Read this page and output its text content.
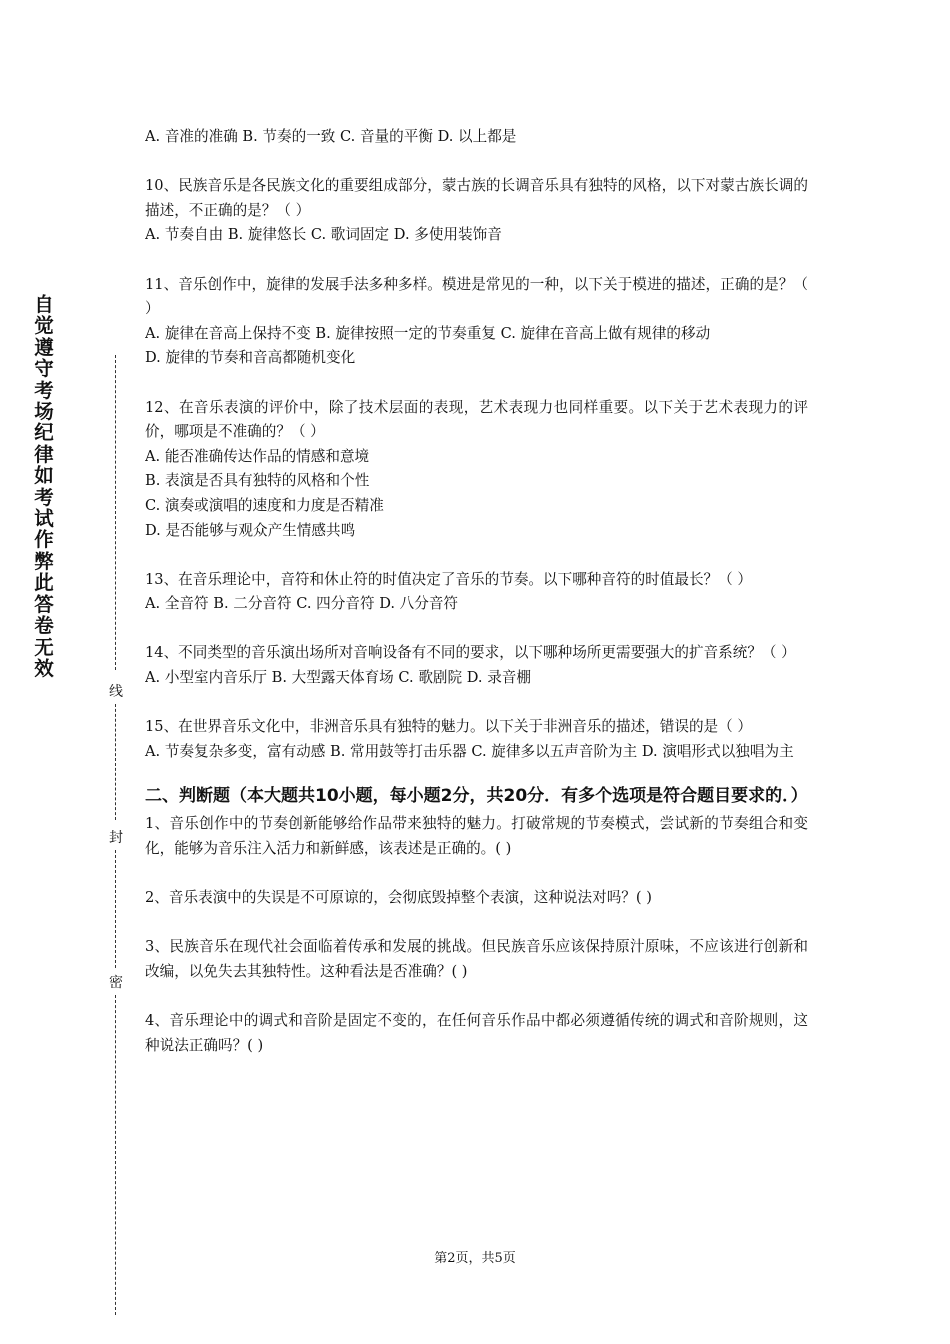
自觉遵守考场纪律如考试作弊此答卷无效
线
封
密
A. 音准的准确 B. 节奏的一致 C. 音量的平衡 D. 以上都是
10、民族音乐是各民族文化的重要组成部分，蒙古族的长调音乐具有独特的风格，以下对蒙古族长调的描述，不正确的是？（ ）
A. 节奏自由 B. 旋律悠长 C. 歌词固定 D. 多使用装饰音
11、音乐创作中，旋律的发展手法多种多样。模进是常见的一种，以下关于模进的描述，正确的是？（ ）
A. 旋律在音高上保持不变 B. 旋律按照一定的节奏重复 C. 旋律在音高上做有规律的移动
D. 旋律的节奏和音高都随机变化
12、在音乐表演的评价中，除了技术层面的表现，艺术表现力也同样重要。以下关于艺术表现力的评价，哪项是不准确的？（ ）
A. 能否准确传达作品的情感和意境
B. 表演是否具有独特的风格和个性
C. 演奏或演唱的速度和力度是否精准
D. 是否能够与观众产生情感共鸣
13、在音乐理论中，音符和休止符的时值决定了音乐的节奏。以下哪种音符的时值最长？（ ）
A. 全音符 B. 二分音符 C. 四分音符 D. 八分音符
14、不同类型的音乐演出场所对音响设备有不同的要求，以下哪种场所更需要强大的扩音系统？（ ）
A. 小型室内音乐厅 B. 大型露天体育场 C. 歌剧院 D. 录音棚
15、在世界音乐文化中，非洲音乐具有独特的魅力。以下关于非洲音乐的描述，错误的是（ ）
A. 节奏复杂多变，富有动感 B. 常用鼓等打击乐器 C. 旋律多以五声音阶为主 D. 演唱形式以独唱为主
二、判断题（本大题共10小题，每小题2分，共20分．有多个选项是符合题目要求的．）
1、音乐创作中的节奏创新能够给作品带来独特的魅力。打破常规的节奏模式，尝试新的节奏组合和变化，能够为音乐注入活力和新鲜感，该表述是正确的。( )
2、音乐表演中的失误是不可原谅的，会彻底毁掉整个表演，这种说法对吗？( )
3、民族音乐在现代社会面临着传承和发展的挑战。但民族音乐应该保持原汁原味，不应该进行创新和改编，以免失去其独特性。这种看法是否准确？( )
4、音乐理论中的调式和音阶是固定不变的，在任何音乐作品中都必须遵循传统的调式和音阶规则，这种说法正确吗？( )
第2页，共5页
